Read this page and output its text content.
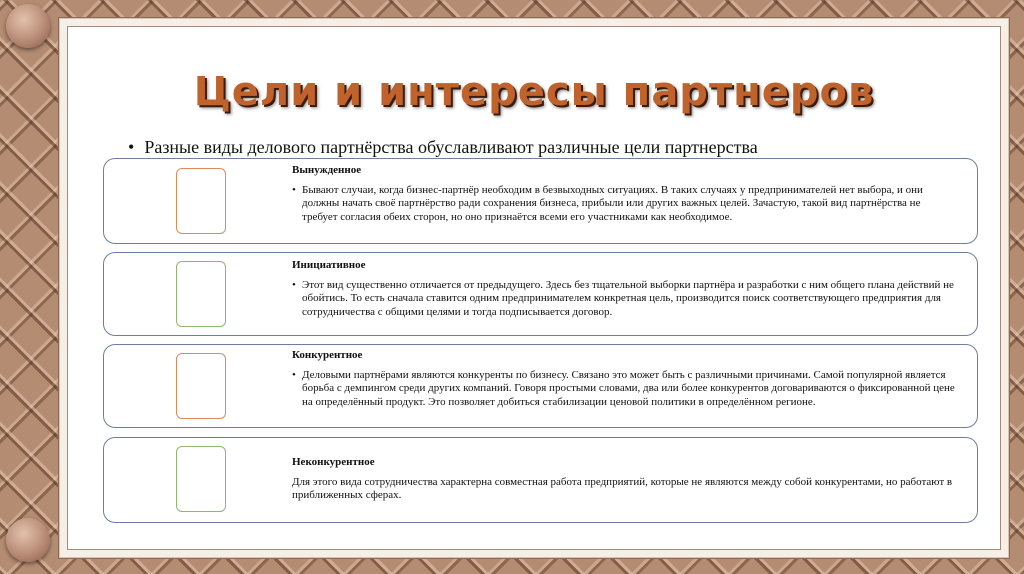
Цели и интересы партнеров
• Разные виды делового партнёрства обуславливают различные цели партнерства
Вынужденное
• Бывают случаи, когда бизнес-партнёр необходим в безвыходных ситуациях. В таких случаях у предпринимателей нет выбора, и они должны начать своё партнёрство ради сохранения бизнеса, прибыли или других важных целей. Зачастую, такой вид партнёрства не требует согласия обеих сторон, но оно признаётся всеми его участниками как необходимое.
Инициативное
• Этот вид существенно отличается от предыдущего. Здесь без тщательной выборки партнёра и разработки с ним общего плана действий не обойтись. То есть сначала ставится одним предпринимателем конкретная цель, производится поиск соответствующего предприятия для сотрудничества с общими целями и тогда подписывается договор.
Конкурентное
• Деловыми партнёрами являются конкуренты по бизнесу. Связано это может быть с различными причинами. Самой популярной является борьба с демпингом среди других компаний. Говоря простыми словами, два или более конкурентов договариваются о фиксированной цене на определённый продукт. Это позволяет добиться стабилизации ценовой политики в определённом регионе.
Неконкурентное
Для этого вида сотрудничества характерна совместная работа предприятий, которые не являются между собой конкурентами, но работают в приближенных сферах.
